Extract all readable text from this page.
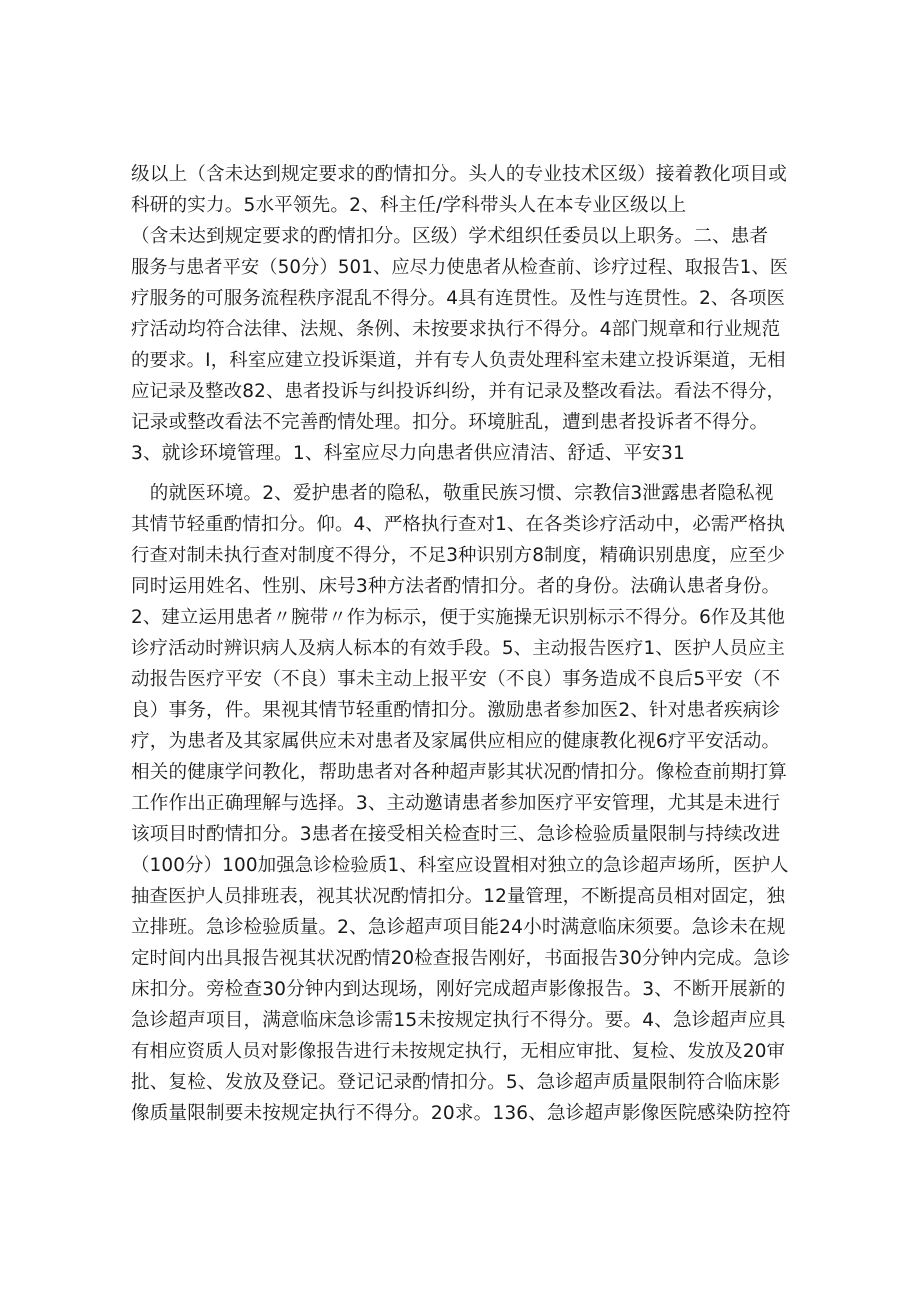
级以上（含未达到规定要求的酌情扣分。头人的专业技术区级）接着教化项目或
科研的实力。5水平领先。2、科主任/学科带头人在本专业区级以上
（含未达到规定要求的酌情扣分。区级）学术组织任委员以上职务。二、患者
服务与患者平安（50分）501、应尽力使患者从检查前、诊疗过程、取报告1、医
疗服务的可服务流程秩序混乱不得分。4具有连贯性。及性与连贯性。2、各项医
疗活动均符合法律、法规、条例、未按要求执行不得分。4部门规章和行业规范
的要求。I，科室应建立投诉渠道，并有专人负责处理科室未建立投诉渠道，无相
应记录及整改82、患者投诉与纠投诉纠纷，并有记录及整改看法。看法不得分，
记录或整改看法不完善酌情处理。扣分。环境脏乱，遭到患者投诉者不得分。
3、就诊环境管理。1、科室应尽力向患者供应清洁、舒适、平安31
　的就医环境。2、爱护患者的隐私，敬重民族习惯、宗教信3泄露患者隐私视
其情节轻重酌情扣分。仰。4、严格执行查对1、在各类诊疗活动中，必需严格执
行查对制未执行查对制度不得分，不足3种识别方8制度，精确识别患度，应至少
同时运用姓名、性别、床号3种方法者酌情扣分。者的身份。法确认患者身份。
2、建立运用患者〃腕带〃作为标示，便于实施操无识别标示不得分。6作及其他
诊疗活动时辨识病人及病人标本的有效手段。5、主动报告医疗1、医护人员应主
动报告医疗平安（不良）事未主动上报平安（不良）事务造成不良后5平安（不
良）事务，件。果视其情节轻重酌情扣分。激励患者参加医2、针对患者疾病诊
疗，为患者及其家属供应未对患者及家属供应相应的健康教化视6疗平安活动。
相关的健康学问教化，帮助患者对各种超声影其状况酌情扣分。像检查前期打算
工作作出正确理解与选择。3、主动邀请患者参加医疗平安管理，尤其是未进行
该项目时酌情扣分。3患者在接受相关检查时三、急诊检验质量限制与持续改进
（100分）100加强急诊检验质1、科室应设置相对独立的急诊超声场所，医护人
抽查医护人员排班表，视其状况酌情扣分。12量管理，不断提高员相对固定，独
立排班。急诊检验质量。2、急诊超声项目能24小时满意临床须要。急诊未在规
定时间内出具报告视其状况酌情20检查报告刚好，书面报告30分钟内完成。急诊
床扣分。旁检查30分钟内到达现场，刚好完成超声影像报告。3、不断开展新的
急诊超声项目，满意临床急诊需15未按规定执行不得分。要。4、急诊超声应具
有相应资质人员对影像报告进行未按规定执行，无相应审批、复检、发放及20审
批、复检、发放及登记。登记记录酌情扣分。5、急诊超声质量限制符合临床影
像质量限制要未按规定执行不得分。20求。136、急诊超声影像医院感染防控符
